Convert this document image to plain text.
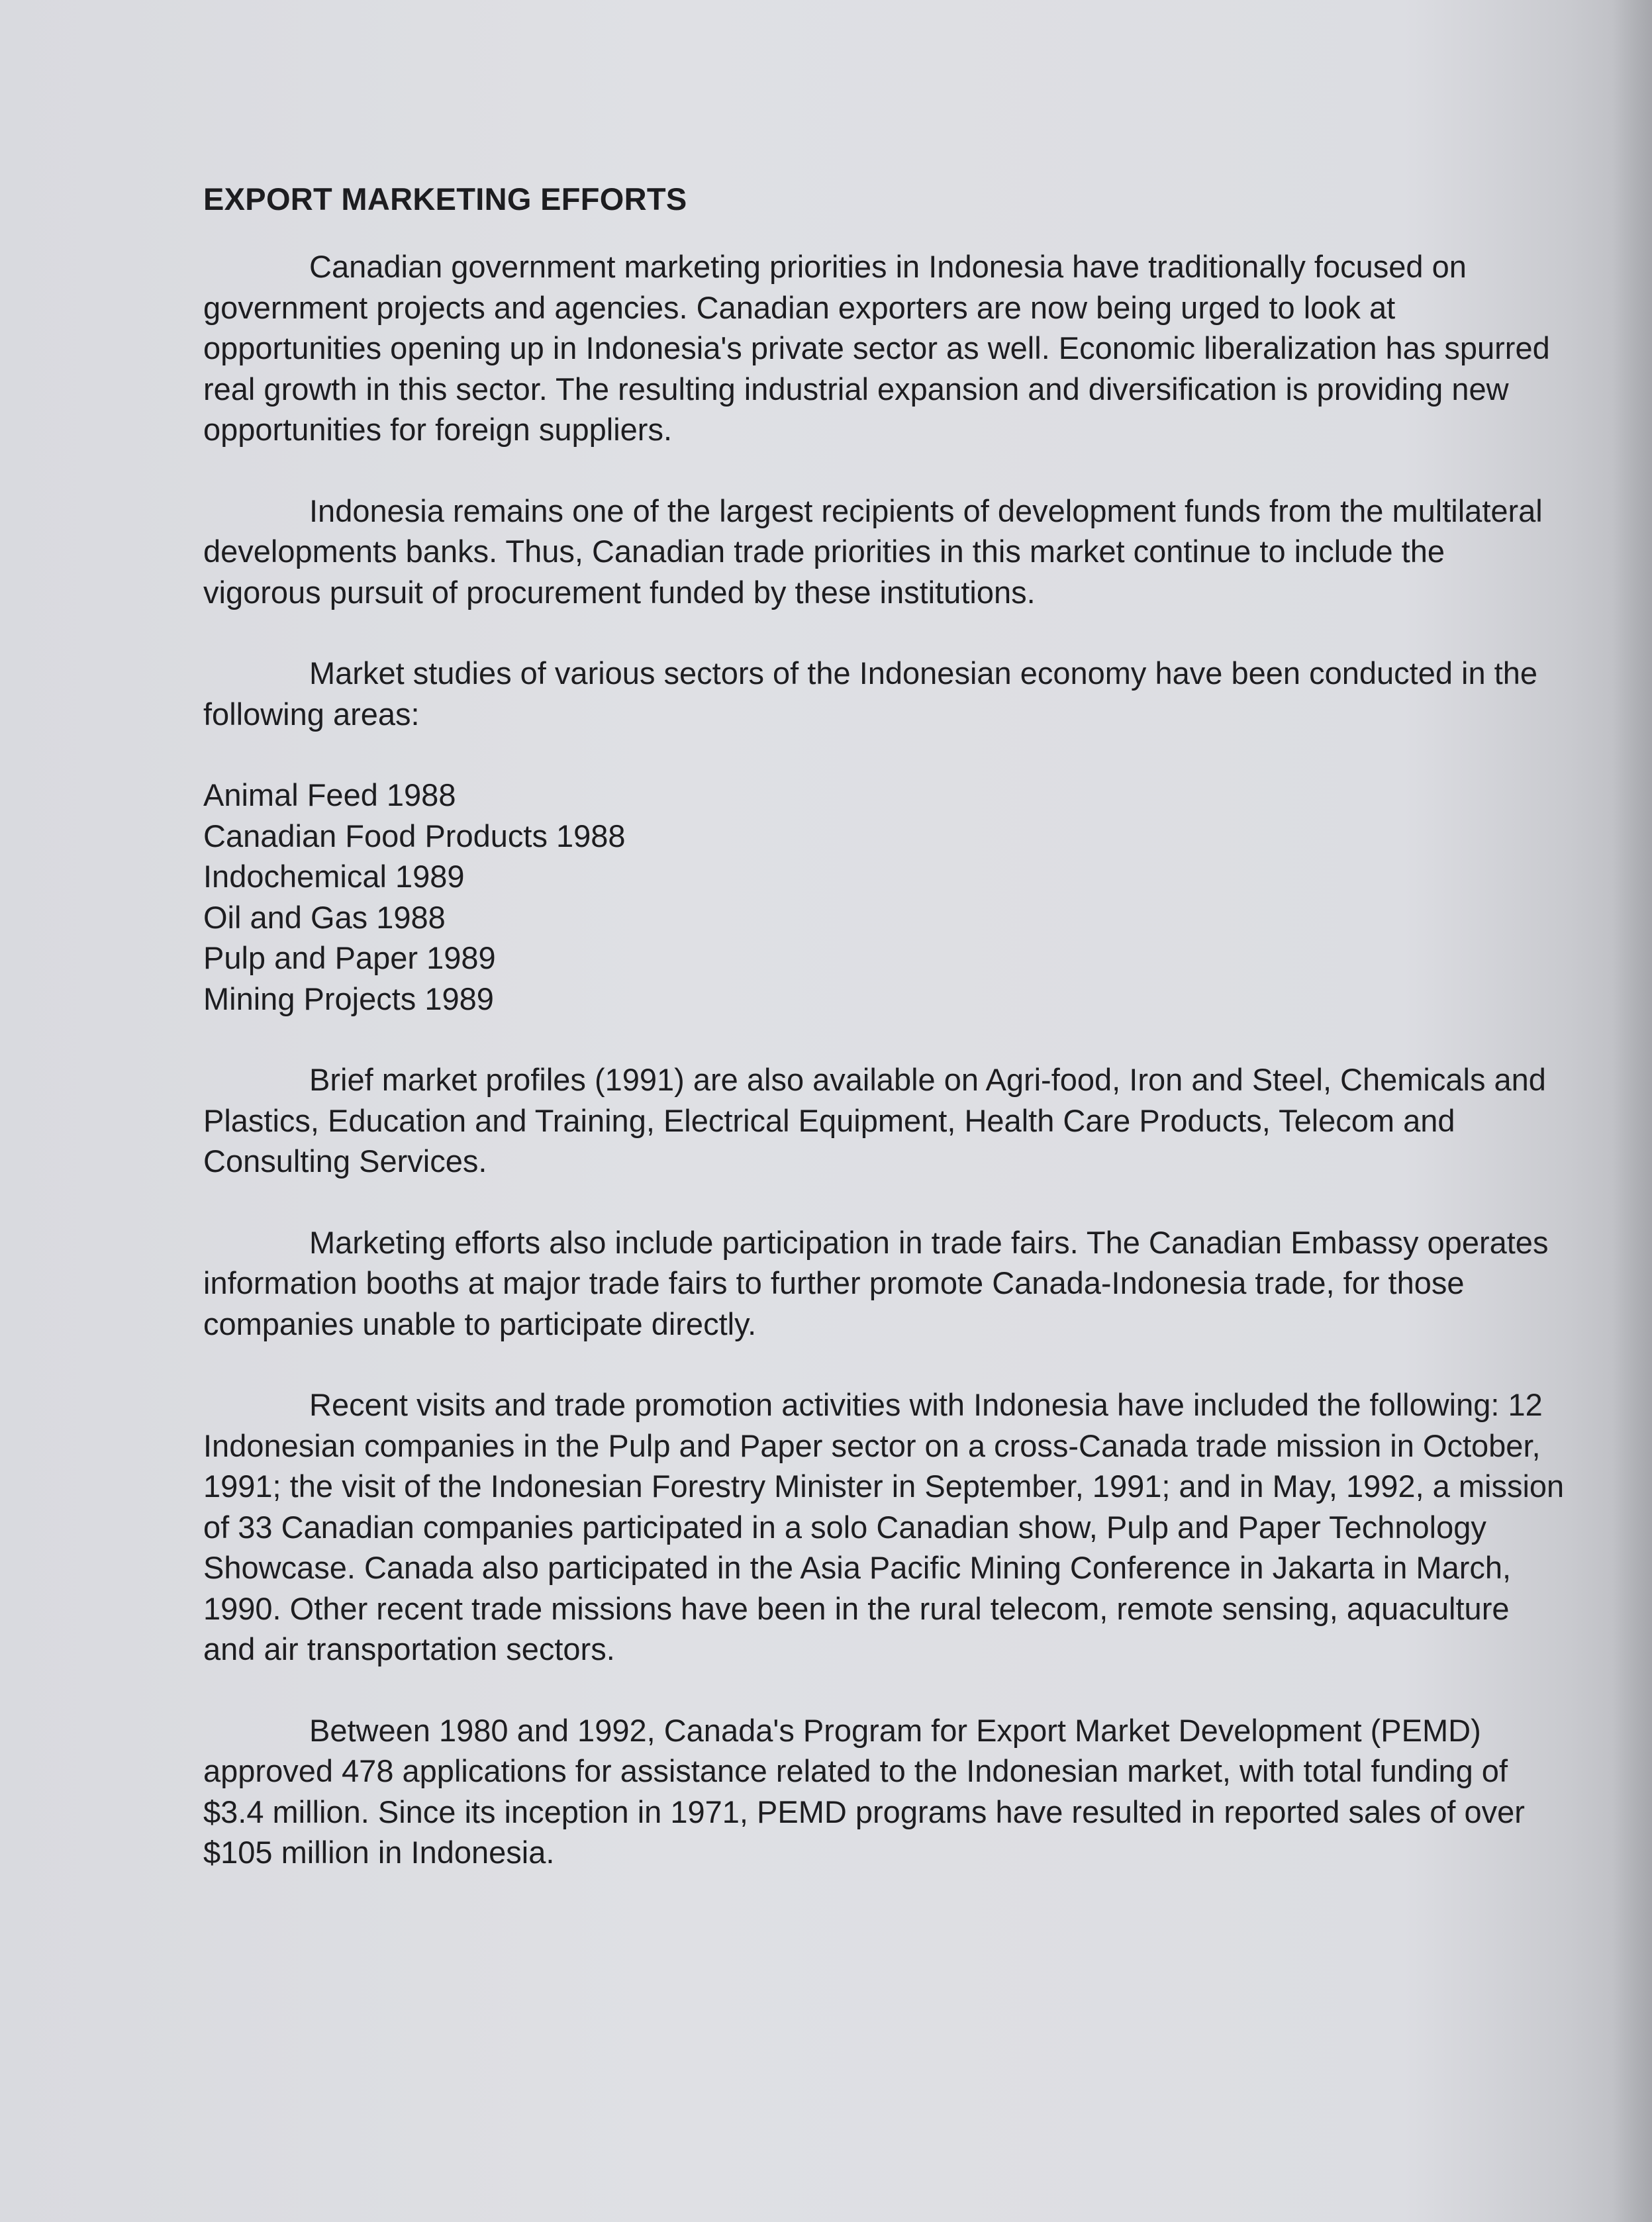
EXPORT MARKETING EFFORTS

Canadian government marketing priorities in Indonesia have traditionally focused on government projects and agencies. Canadian exporters are now being urged to look at opportunities opening up in Indonesia's private sector as well. Economic liberalization has spurred real growth in this sector. The resulting industrial expansion and diversification is providing new opportunities for foreign suppliers.

Indonesia remains one of the largest recipients of development funds from the multilateral developments banks. Thus, Canadian trade priorities in this market continue to include the vigorous pursuit of procurement funded by these institutions.

Market studies of various sectors of the Indonesian economy have been conducted in the following areas:

Animal Feed 1988
Canadian Food Products 1988
Indochemical 1989
Oil and Gas 1988
Pulp and Paper 1989
Mining Projects 1989

Brief market profiles (1991) are also available on Agri-food, Iron and Steel, Chemicals and Plastics, Education and Training, Electrical Equipment, Health Care Products, Telecom and Consulting Services.

Marketing efforts also include participation in trade fairs. The Canadian Embassy operates information booths at major trade fairs to further promote Canada-Indonesia trade, for those companies unable to participate directly.

Recent visits and trade promotion activities with Indonesia have included the following: 12 Indonesian companies in the Pulp and Paper sector on a cross-Canada trade mission in October, 1991; the visit of the Indonesian Forestry Minister in September, 1991; and in May, 1992, a mission of 33 Canadian companies participated in a solo Canadian show, Pulp and Paper Technology Showcase. Canada also participated in the Asia Pacific Mining Conference in Jakarta in March, 1990. Other recent trade missions have been in the rural telecom, remote sensing, aquaculture and air transportation sectors.

Between 1980 and 1992, Canada's Program for Export Market Development (PEMD) approved 478 applications for assistance related to the Indonesian market, with total funding of $3.4 million. Since its inception in 1971, PEMD programs have resulted in reported sales of over $105 million in Indonesia.
